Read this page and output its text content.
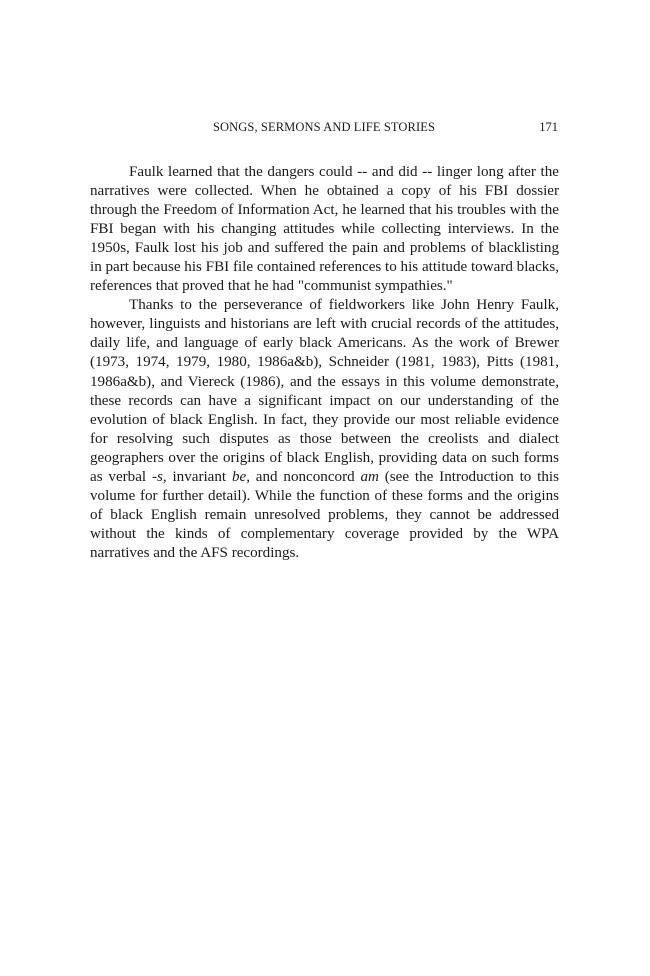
SONGS, SERMONS AND LIFE STORIES	171

Faulk learned that the dangers could -- and did -- linger long after the narratives were collected. When he obtained a copy of his FBI dossier through the Freedom of Information Act, he learned that his troubles with the FBI began with his changing attitudes while collecting interviews. In the 1950s, Faulk lost his job and suffered the pain and problems of blacklisting in part because his FBI file contained references to his attitude toward blacks, references that proved that he had "communist sympathies."

Thanks to the perseverance of fieldworkers like John Henry Faulk, however, linguists and historians are left with crucial records of the attitudes, daily life, and language of early black Americans. As the work of Brewer (1973, 1974, 1979, 1980, 1986a&b), Schneider (1981, 1983), Pitts (1981, 1986a&b), and Viereck (1986), and the essays in this volume demonstrate, these records can have a significant impact on our understanding of the evolution of black English. In fact, they provide our most reliable evidence for resolving such disputes as those between the creolists and dialect geographers over the origins of black English, providing data on such forms as verbal -s, invariant be, and nonconcord am (see the Introduction to this volume for further detail). While the function of these forms and the origins of black English remain unresolved problems, they cannot be addressed without the kinds of complementary coverage provided by the WPA narratives and the AFS recordings.
